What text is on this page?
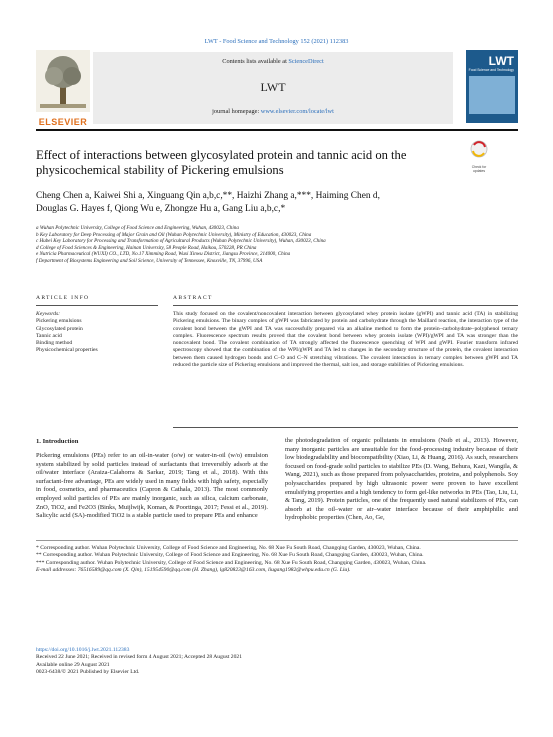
LWT - Food Science and Technology 152 (2021) 112383
ELSEVIER
Contents lists available at ScienceDirect
LWT
journal homepage: www.elsevier.com/locate/lwt
LWT
Food Science and Technology
Check for updates
Effect of interactions between glycosylated protein and tannic acid on the physicochemical stability of Pickering emulsions
Cheng Chen a, Kaiwei Shi a, Xinguang Qin a,b,c,**, Haizhi Zhang a,***, Haiming Chen d,
Douglas G. Hayes f, Qiong Wu e, Zhongze Hu a, Gang Liu a,b,c,*
a Wuhan Polytechnic University, College of Food Science and Engineering, Wuhan, 430023, China
b Key Laboratory for Deep Processing of Major Grain and Oil (Wuhan Polytechnic University), Ministry of Education, 430023, China
c Hubei Key Laboratory for Processing and Transformation of Agricultural Products (Wuhan Polytechnic University), Wuhan, 430023, China
d College of Food Sciences & Engineering, Hainan University, 58 People Road, Haikou, 570228, PR China
e Nutricia Pharmaceutical (WUXI) CO., LTD, No.17 Ximming Road, Wuxi Xinwu District, Jiangsu Province, 214000, China
f Department of Biosystems Engineering and Soil Science, University of Tennessee, Knoxville, TN, 37996, USA
ARTICLE INFO	ABSTRACT
Keywords:
Pickering emulsions
Glycosylated protein
Tannic acid
Binding method
Physicochemical properties
This study focused on the covalent/noncovalent interaction between glycosylated whey protein isolate (gWPI) and tannic acid (TA) in stabilizing Pickering emulsions. The binary complex of gWPI was fabricated by protein and carbohydrate through the Maillard reaction, the interaction type of the covalent bond between the gWPI and TA was successfully prepared via an alkaline method to form the protein–carbohydrate–polyphenol ternary complex. Fluorescence spectrum results proved that the covalent bond between whey protein isolate (WPI)/gWPI and TA was stronger than the noncovalent bond. The covalent combination of TA strongly affected the fluorescence quenching of WPI and gWPI. Fourier transform infrared spectroscopy showed that the combination of the WPI/gWPI and TA led to changes in the secondary structure of the protein, the covalent interaction between them caused hydrogen bonds and C–O and C–N stretching vibrations. The covalent interaction in ternary complex between gWPI and TA reduced the particle size of Pickering emulsions and improved the thermal, salt ion, and storage stabilities of Pickering emulsions.
1. Introduction
Pickering emulsions (PEs) refer to an oil-in-water (o/w) or water-in-oil (w/o) emulsion system stabilized by solid particles instead of surfactants that irreversibly adsorb at the oil/water interface (Araiza-Calahorra & Sarkar, 2019; Tang et al., 2018). With this surfactant-free advantage, PEs are widely used in many fields with high safety, especially in food, cosmetics, and pharmaceutics (Capron & Cathala, 2013). The most commonly employed solid particles of PEs are mainly inorganic, such as silica, calcium carbonate, ZnO, TiO2, and Fe2O3 (Binks, Muijlwijk, Koman, & Poortinga, 2017; Fessi et al., 2019). Salicylic acid (SA)-modified TiO2 is a stable particle used to prepare PEs and enhance
the photodegradation of organic pollutants in emulsions (Nsib et al., 2013). However, many inorganic particles are unsuitable for the food-processing industry because of their low biodegradability and biocompatibility (Xiao, Li, & Huang, 2016). As such, researchers focused on food-grade solid particles to stabilize PEs (D. Wang, Behura, Kazi, Wangila, & Wang, 2021), such as those prepared from polysaccharides, proteins, and polyphenols. Soy polysaccharides prepared by high ultrasonic power were proven to have excellent emulsifying properties and a high tendency to form gel-like networks in PEs (Tao, Liu, Li, & Tang, 2019). Protein particles, one of the frequently used natural stabilizers of PEs, can absorb at the oil–water or air–water interface because of their amphiphilic and hydrophobic properties (Chen, Ao, Ge,
* Corresponding author. Wuhan Polytechnic University, College of Food Science and Engineering, No. 68 Xue Fu South Road, Changqing Garden, 430023, Wuhan, China.
** Corresponding author. Wuhan Polytechnic University, College of Food Science and Engineering, No. 68 Xue Fu South Road, Changqing Garden, 430023, Wuhan, China.
*** Corresponding author. Wuhan Polytechnic University, College of Food Science and Engineering, No. 68 Xue Fu South Road, Changqing Garden, 430023, Wuhan, China.
E-mail addresses: 76516589@qq.com (X. Qin), 151954590@qq.com (H. Zhang), lg820823@163.com, liugang1982@whpu.edu.cn (G. Liu).
https://doi.org/10.1016/j.lwt.2021.112383
Received 22 June 2021; Received in revised form 4 August 2021; Accepted 28 August 2021
Available online 29 August 2021
0023-6438/© 2021 Published by Elsevier Ltd.
